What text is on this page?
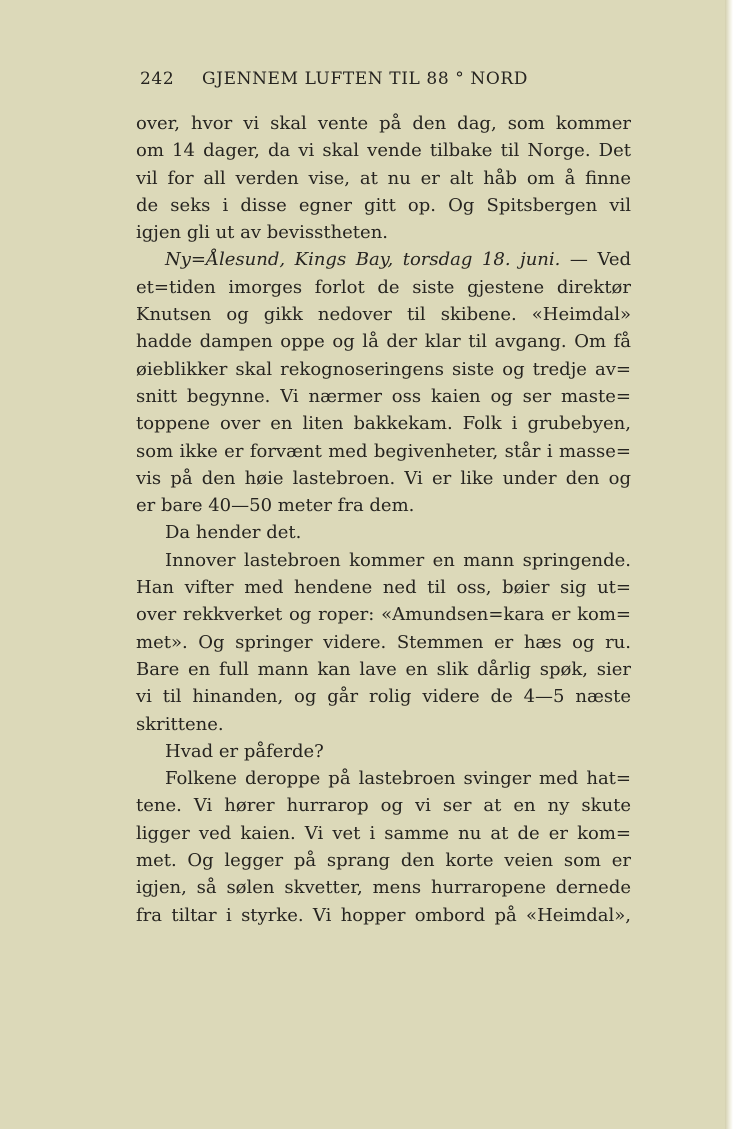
242 GJENNEM LUFTEN TIL 88 ° NORD
over, hvor vi skal vente på den dag, som kommer
om 14 dager, da vi skal vende tilbake til Norge. Det
vil for all verden vise, at nu er alt håb om å finne
de seks i disse egner gitt op. Og Spitsbergen vil
igjen gli ut av bevisstheten.
Ny=Ålesund, Kings Bay, torsdag 18. juni. — Ved
et=tiden imorges forlot de siste gjestene direktør
Knutsen og gikk nedover til skibene. «Heimdal»
hadde dampen oppe og lå der klar til avgang. Om få
øieblikker skal rekognoseringens siste og tredje av=
snitt begynne. Vi nærmer oss kaien og ser maste=
toppene over en liten bakkekam. Folk i grubebyen,
som ikke er forvænt med begivenheter, står i masse=
vis på den høie lastebroen. Vi er like under den og
er bare 40—50 meter fra dem.
Da hender det.
Innover lastebroen kommer en mann springende.
Han vifter med hendene ned til oss, bøier sig ut=
over rekkverket og roper: «Amundsen=kara er kom=
met». Og springer videre. Stemmen er hæs og ru.
Bare en full mann kan lave en slik dårlig spøk, sier
vi til hinanden, og går rolig videre de 4—5 næste
skrittene.
Hvad er påferde?
Folkene deroppe på lastebroen svinger med hat=
tene. Vi hører hurrarop og vi ser at en ny skute
ligger ved kaien. Vi vet i samme nu at de er kom=
met. Og legger på sprang den korte veien som er
igjen, så sølen skvetter, mens hurraropene dernede
fra tiltar i styrke. Vi hopper ombord på «Heimdal»,
